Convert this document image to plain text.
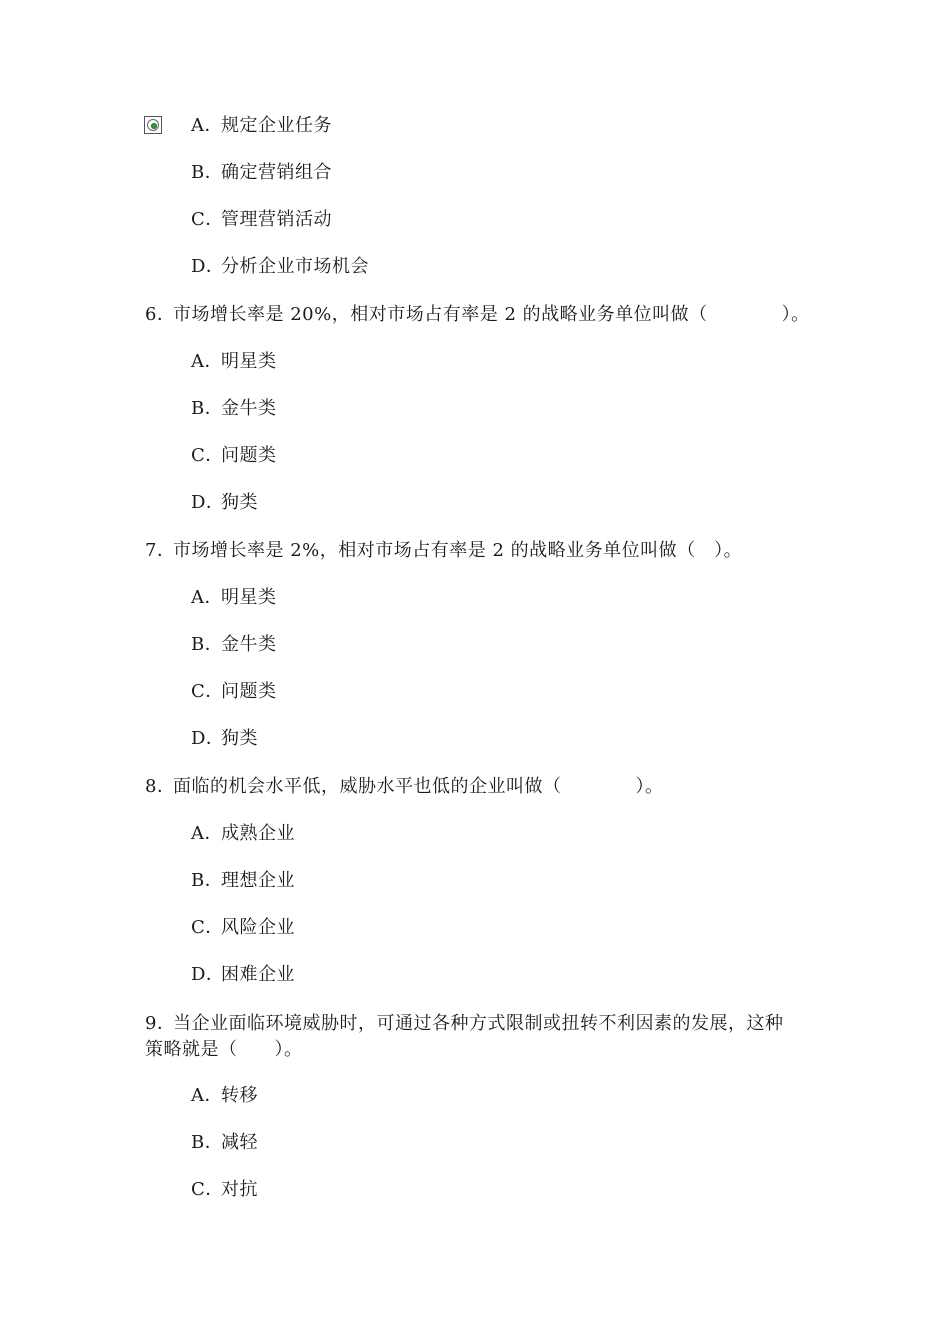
A．规定企业任务
B．确定营销组合
C．管理营销活动
D．分析企业市场机会
6．市场增长率是 20%，相对市场占有率是 2 的战略业务单位叫做（　　　　）。
A．明星类
B．金牛类
C．问题类
D．狗类
7．市场增长率是 2%，相对市场占有率是 2 的战略业务单位叫做（　）。
A．明星类
B．金牛类
C．问题类
D．狗类
8．面临的机会水平低，威胁水平也低的企业叫做（　　　　）。
A．成熟企业
B．理想企业
C．风险企业
D．困难企业
9．当企业面临环境威胁时，可通过各种方式限制或扭转不利因素的发展，这种
策略就是（　　）。
A．转移
B．减轻
C．对抗
